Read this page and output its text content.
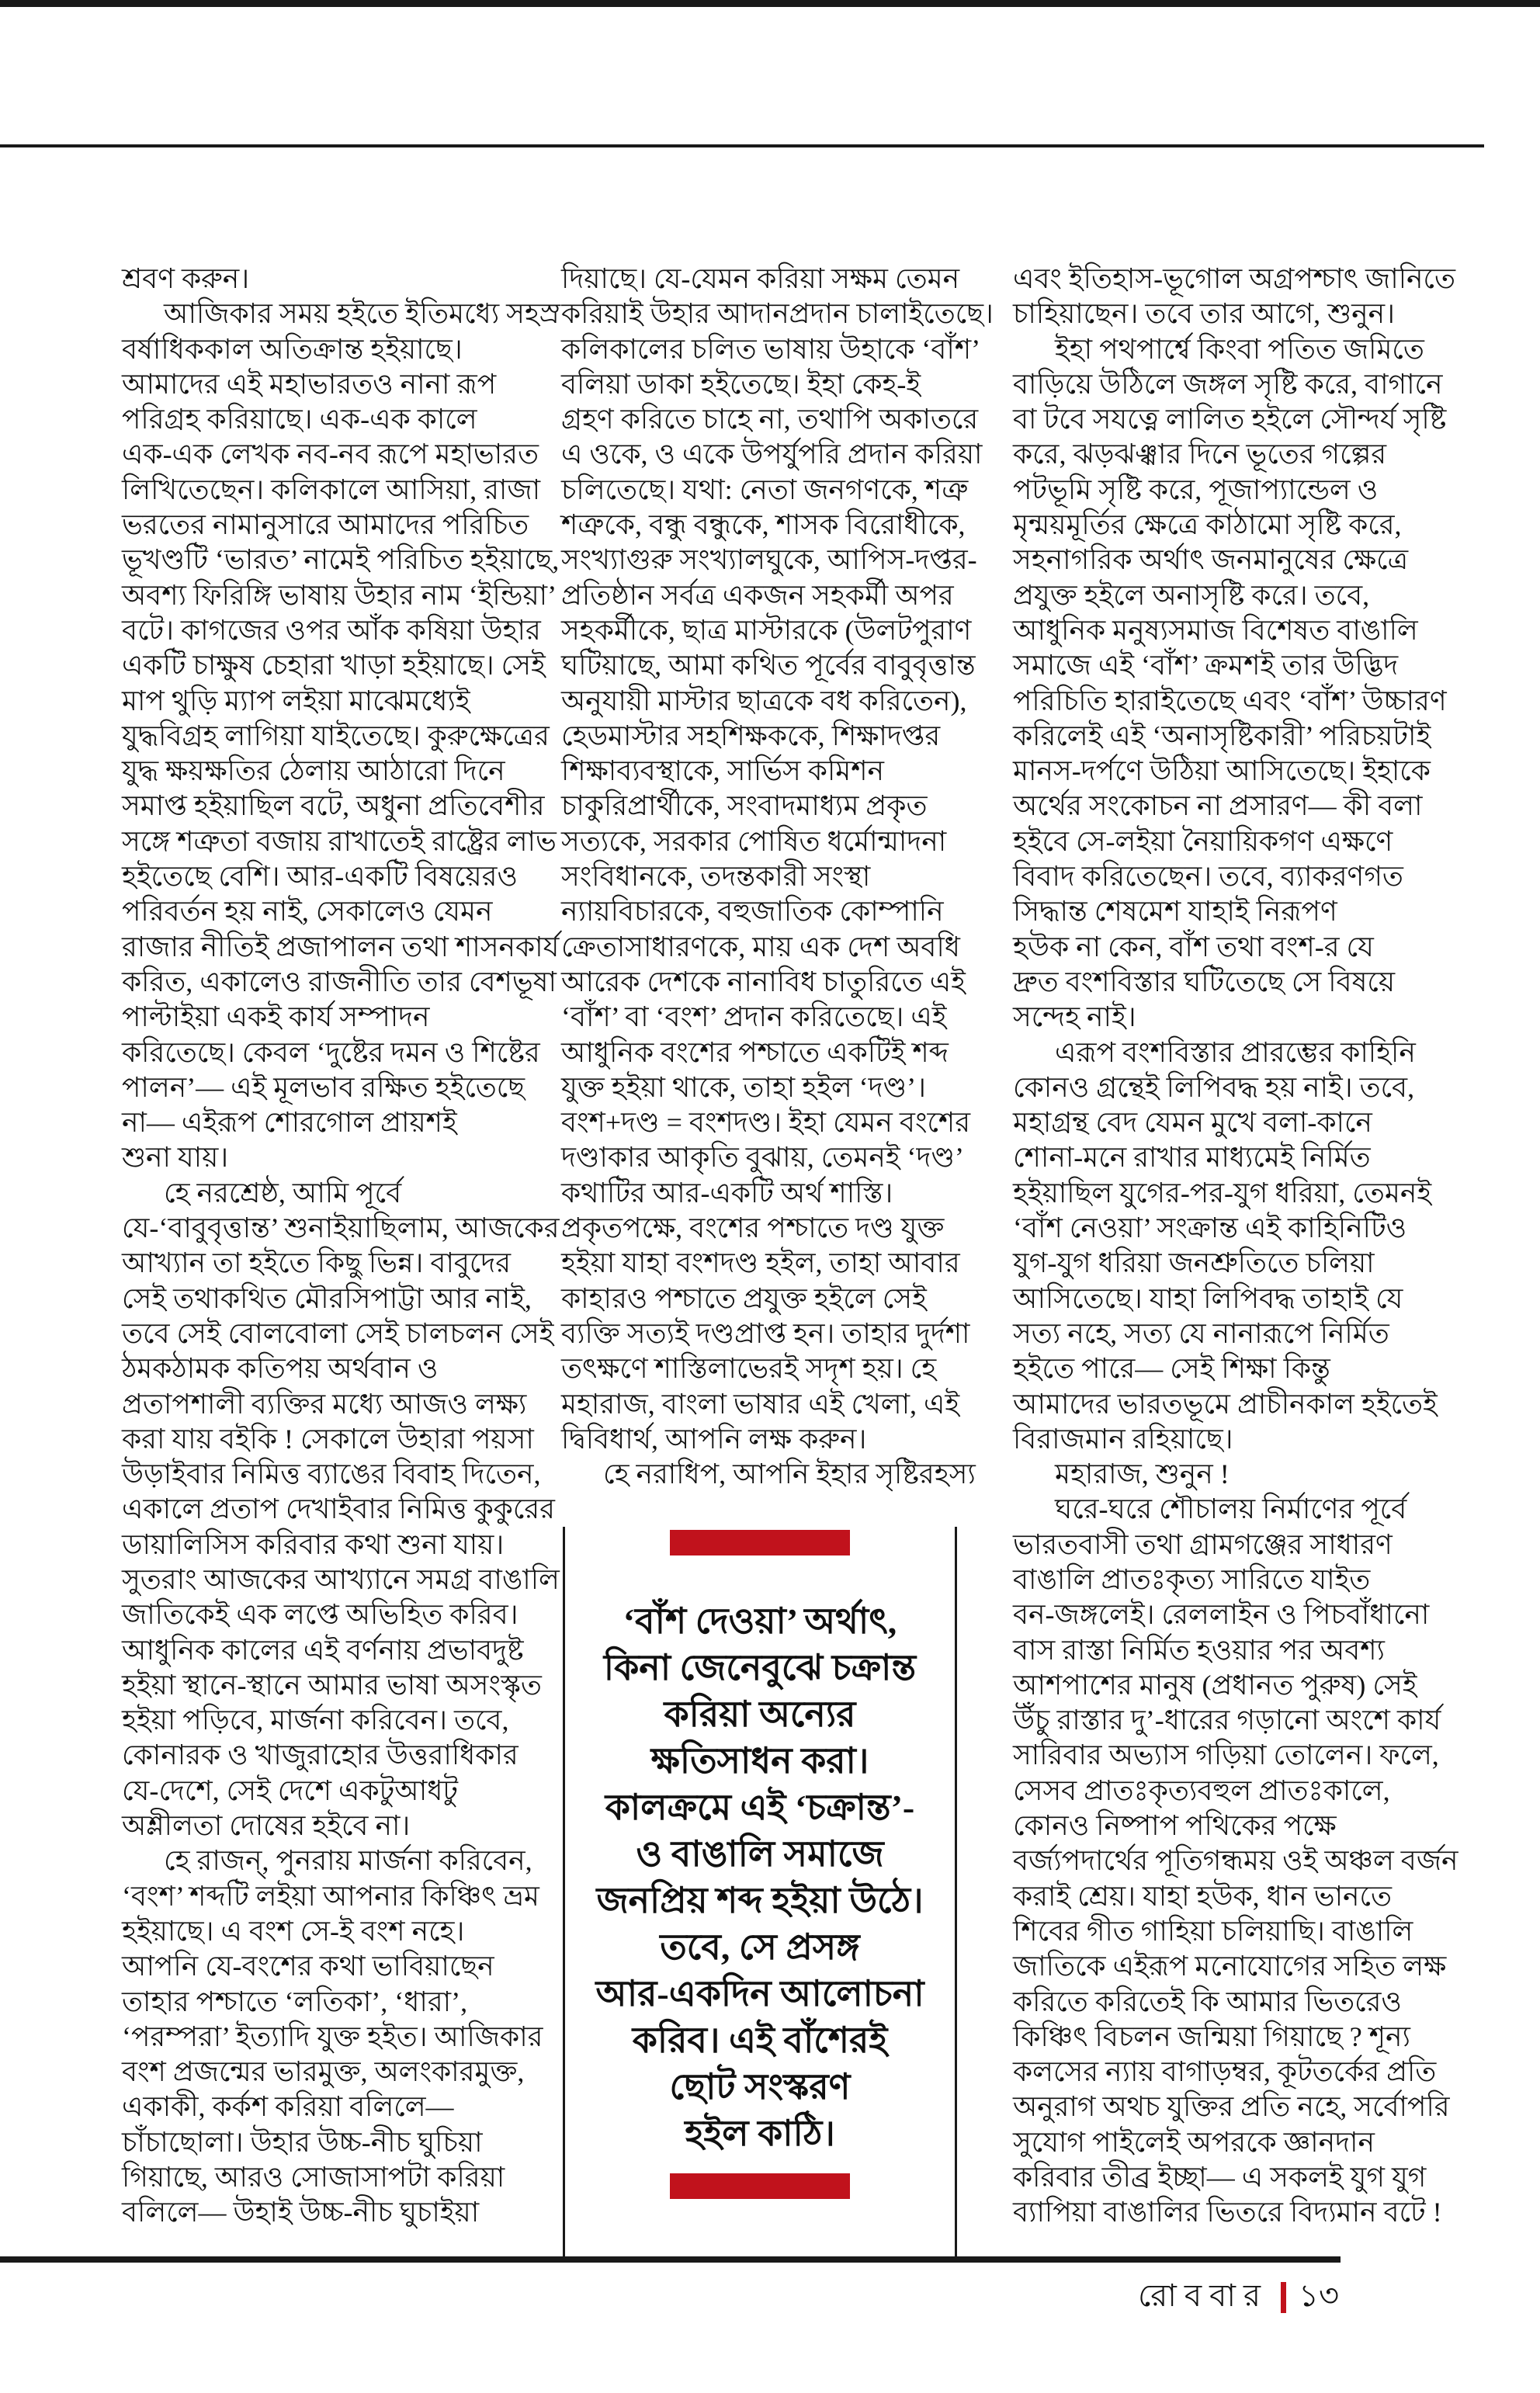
শ্রবণ করুন।
  আজিকার সময় হইতে ইতিমধ্যে সহস্র
বর্ষাধিককাল অতিক্রান্ত হইয়াছে।
আমাদের এই মহাভারতও নানা রূপ
পরিগ্রহ করিয়াছে। এক-এক কালে
এক-এক লেখক নব-নব রূপে মহাভারত
লিখিতেছেন। কলিকালে আসিয়া, রাজা
ভরতের নামানুসারে আমাদের পরিচিত
ভূখণ্ডটি ‘ভারত’ নামেই পরিচিত হইয়াছে,
অবশ্য ফিরিঙ্গি ভাষায় উহার নাম ‘ইন্ডিয়া’
বটে। কাগজের ওপর আঁক কষিয়া উহার
একটি চাক্ষুষ চেহারা খাড়া হইয়াছে। সেই
মাপ থুড়ি ম্যাপ লইয়া মাঝেমধ্যেই
যুদ্ধবিগ্রহ লাগিয়া যাইতেছে। কুরুক্ষেত্রের
যুদ্ধ ক্ষয়ক্ষতির ঠেলায় আঠারো দিনে
সমাপ্ত হইয়াছিল বটে, অধুনা প্রতিবেশীর
সঙ্গে শত্রুতা বজায় রাখাতেই রাষ্ট্রের লাভ
হইতেছে বেশি। আর-একটি বিষয়েরও
পরিবর্তন হয় নাই, সেকালেও যেমন
রাজার নীতিই প্রজাপালন তথা শাসনকার্য
করিত, একালেও রাজনীতি তার বেশভূষা
পাল্টাইয়া একই কার্য সম্পাদন
করিতেছে। কেবল ‘দুষ্টের দমন ও শিষ্টের
পালন’— এই মূলভাব রক্ষিত হইতেছে
না— এইরূপ শোরগোল প্রায়শই
শুনা যায়।
  হে নরশ্রেষ্ঠ, আমি পূর্বে
যে-‘বাবুবৃত্তান্ত’ শুনাইয়াছিলাম, আজকের
আখ্যান তা হইতে কিছু ভিন্ন। বাবুদের
সেই তথাকথিত মৌরসিপাট্টা আর নাই,
তবে সেই বোলবোলা সেই চালচলন সেই
ঠমকঠামক কতিপয় অর্থবান ও
প্রতাপশালী ব্যক্তির মধ্যে আজও লক্ষ্য
করা যায় বইকি ! সেকালে উহারা পয়সা
উড়াইবার নিমিত্ত ব্যাঙের বিবাহ দিতেন,
একালে প্রতাপ দেখাইবার নিমিত্ত কুকুরের
ডায়ালিসিস করিবার কথা শুনা যায়।
সুতরাং আজকের আখ্যানে সমগ্র বাঙালি
জাতিকেই এক লপ্তে অভিহিত করিব।
আধুনিক কালের এই বর্ণনায় প্রভাবদুষ্ট
হইয়া স্থানে-স্থানে আমার ভাষা অসংস্কৃত
হইয়া পড়িবে, মার্জনা করিবেন। তবে,
কোনারক ও খাজুরাহোর উত্তরাধিকার
যে-দেশে, সেই দেশে একটুআধটু
অশ্লীলতা দোষের হইবে না।
  হে রাজন্‌, পুনরায় মার্জনা করিবেন,
‘বংশ’ শব্দটি লইয়া আপনার কিঞ্চিৎ ভ্রম
হইয়াছে। এ বংশ সে-ই বংশ নহে।
আপনি যে-বংশের কথা ভাবিয়াছেন
তাহার পশ্চাতে ‘লতিকা’, ‘ধারা’,
‘পরম্পরা’ ইত্যাদি যুক্ত হইত। আজিকার
বংশ প্রজন্মের ভারমুক্ত, অলংকারমুক্ত,
একাকী, কর্কশ করিয়া বলিলে—
চাঁচাছোলা। উহার উচ্চ-নীচ ঘুচিয়া
গিয়াছে, আরও সোজাসাপটা করিয়া
বলিলে— উহাই উচ্চ-নীচ ঘুচাইয়া
দিয়াছে। যে-যেমন করিয়া সক্ষম তেমন
করিয়াই উহার আদানপ্রদান চালাইতেছে।
কলিকালের চলিত ভাষায় উহাকে ‘বাঁশ’
বলিয়া ডাকা হইতেছে। ইহা কেহ-ই
গ্রহণ করিতে চাহে না, তথাপি অকাতরে
এ ওকে, ও একে উপর্যুপরি প্রদান করিয়া
চলিতেছে। যথা: নেতা জনগণকে, শত্রু
শত্রুকে, বন্ধু বন্ধুকে, শাসক বিরোধীকে,
সংখ্যাগুরু সংখ্যালঘুকে, আপিস-দপ্তর-
প্রতিষ্ঠান সর্বত্র একজন সহকর্মী অপর
সহকর্মীকে, ছাত্র মাস্টারকে (উলটপুরাণ
ঘটিয়াছে, আমা কথিত পূর্বের বাবুবৃত্তান্ত
অনুযায়ী মাস্টার ছাত্রকে বধ করিতেন),
হেডমাস্টার সহশিক্ষককে, শিক্ষাদপ্তর
শিক্ষাব্যবস্থাকে, সার্ভিস কমিশন
চাকুরিপ্রার্থীকে, সংবাদমাধ্যম প্রকৃত
সত্যকে, সরকার পোষিত ধর্মোন্মাদনা
সংবিধানকে, তদন্তকারী সংস্থা
ন্যায়বিচারকে, বহুজাতিক কোম্পানি
ক্রেতাসাধারণকে, মায় এক দেশ অবধি
আরেক দেশকে নানাবিধ চাতুরিতে এই
‘বাঁশ’ বা ‘বংশ’ প্রদান করিতেছে। এই
আধুনিক বংশের পশ্চাতে একটিই শব্দ
যুক্ত হইয়া থাকে, তাহা হইল ‘দণ্ড’।
বংশ+দণ্ড = বংশদণ্ড। ইহা যেমন বংশের
দণ্ডাকার আকৃতি বুঝায়, তেমনই ‘দণ্ড’
কথাটির আর-একটি অর্থ শাস্তি।
প্রকৃতপক্ষে, বংশের পশ্চাতে দণ্ড যুক্ত
হইয়া যাহা বংশদণ্ড হইল, তাহা আবার
কাহারও পশ্চাতে প্রযুক্ত হইলে সেই
ব্যক্তি সত্যই দণ্ডপ্রাপ্ত হন। তাহার দুর্দশা
তৎক্ষণে শাস্তিলাভেরই সদৃশ হয়। হে
মহারাজ, বাংলা ভাষার এই খেলা, এই
দ্বিবিধার্থ, আপনি লক্ষ করুন।
  হে নরাধিপ, আপনি ইহার সৃষ্টিরহস্য
এবং ইতিহাস-ভূগোল অগ্রপশ্চাৎ জানিতে
চাহিয়াছেন। তবে তার আগে, শুনুন।
  ইহা পথপার্শ্বে কিংবা পতিত জমিতে
বাড়িয়ে উঠিলে জঙ্গল সৃষ্টি করে, বাগানে
বা টবে সযত্নে লালিত হইলে সৌন্দর্য সৃষ্টি
করে, ঝড়ঝঞ্ঝার দিনে ভূতের গল্পের
পটভূমি সৃষ্টি করে, পূজাপ্যান্ডেল ও
মৃন্ময়মূর্তির ক্ষেত্রে কাঠামো সৃষ্টি করে,
সহনাগরিক অর্থাৎ জনমানুষের ক্ষেত্রে
প্রযুক্ত হইলে অনাসৃষ্টি করে। তবে,
আধুনিক মনুষ্যসমাজ বিশেষত বাঙালি
সমাজে এই ‘বাঁশ’ ক্রমশই তার উদ্ভিদ
পরিচিতি হারাইতেছে এবং ‘বাঁশ’ উচ্চারণ
করিলেই এই ‘অনাসৃষ্টিকারী’ পরিচয়টাই
মানস-দর্পণে উঠিয়া আসিতেছে। ইহাকে
অর্থের সংকোচন না প্রসারণ— কী বলা
হইবে সে-লইয়া নৈয়ায়িকগণ এক্ষণে
বিবাদ করিতেছেন। তবে, ব্যাকরণগত
সিদ্ধান্ত শেষমেশ যাহাই নিরূপণ
হউক না কেন, বাঁশ তথা বংশ-র যে
দ্রুত বংশবিস্তার ঘটিতেছে সে বিষয়ে
সন্দেহ নাই।
  এরূপ বংশবিস্তার প্রারম্ভের কাহিনি
কোনও গ্রন্থেই লিপিবদ্ধ হয় নাই। তবে,
মহাগ্রন্থ বেদ যেমন মুখে বলা-কানে
শোনা-মনে রাখার মাধ্যমেই নির্মিত
হইয়াছিল যুগের-পর-যুগ ধরিয়া, তেমনই
‘বাঁশ নেওয়া’ সংক্রান্ত এই কাহিনিটিও
যুগ-যুগ ধরিয়া জনশ্রুতিতে চলিয়া
আসিতেছে। যাহা লিপিবদ্ধ তাহাই যে
সত্য নহে, সত্য যে নানারূপে নির্মিত
হইতে পারে— সেই শিক্ষা কিন্তু
আমাদের ভারতভূমে প্রাচীনকাল হইতেই
বিরাজমান রহিয়াছে।
  মহারাজ, শুনুন !
  ঘরে-ঘরে শৌচালয় নির্মাণের পূর্বে
ভারতবাসী তথা গ্রামগঞ্জের সাধারণ
বাঙালি প্রাতঃকৃত্য সারিতে যাইত
বন-জঙ্গলেই। রেললাইন ও পিচবাঁধানো
বাস রাস্তা নির্মিত হওয়ার পর অবশ্য
আশপাশের মানুষ (প্রধানত পুরুষ) সেই
উঁচু রাস্তার দু’-ধারের গড়ানো অংশে কার্য
সারিবার অভ্যাস গড়িয়া তোলেন। ফলে,
সেসব প্রাতঃকৃত্যবহুল প্রাতঃকালে,
কোনও নিষ্পাপ পথিকের পক্ষে
বর্জ্যপদার্থের পূতিগন্ধময় ওই অঞ্চল বর্জন
করাই শ্রেয়। যাহা হউক, ধান ভানতে
শিবের গীত গাহিয়া চলিয়াছি। বাঙালি
জাতিকে এইরূপ মনোযোগের সহিত লক্ষ
করিতে করিতেই কি আমার ভিতরেও
কিঞ্চিৎ বিচলন জন্মিয়া গিয়াছে ? শূন্য
কলসের ন্যায় বাগাড়ম্বর, কূটতর্কের প্রতি
অনুরাগ অথচ যুক্তির প্রতি নহে, সর্বোপরি
সুযোগ পাইলেই অপরকে জ্ঞানদান
করিবার তীব্র ইচ্ছা— এ সকলই যুগ যুগ
ব্যাপিয়া বাঙালির ভিতরে বিদ্যমান বটে !
‘বাঁশ দেওয়া’ অর্থাৎ,
কিনা জেনেবুঝে চক্রান্ত
করিয়া অন্যের
ক্ষতিসাধন করা।
কালক্রমে এই ‘চক্রান্ত’-
ও বাঙালি সমাজে
জনপ্রিয় শব্দ হইয়া উঠে।
তবে, সে প্রসঙ্গ
আর-একদিন আলোচনা
করিব। এই বাঁশেরই
ছোট সংস্করণ
হইল কাঠি।
রোববার ১৩
